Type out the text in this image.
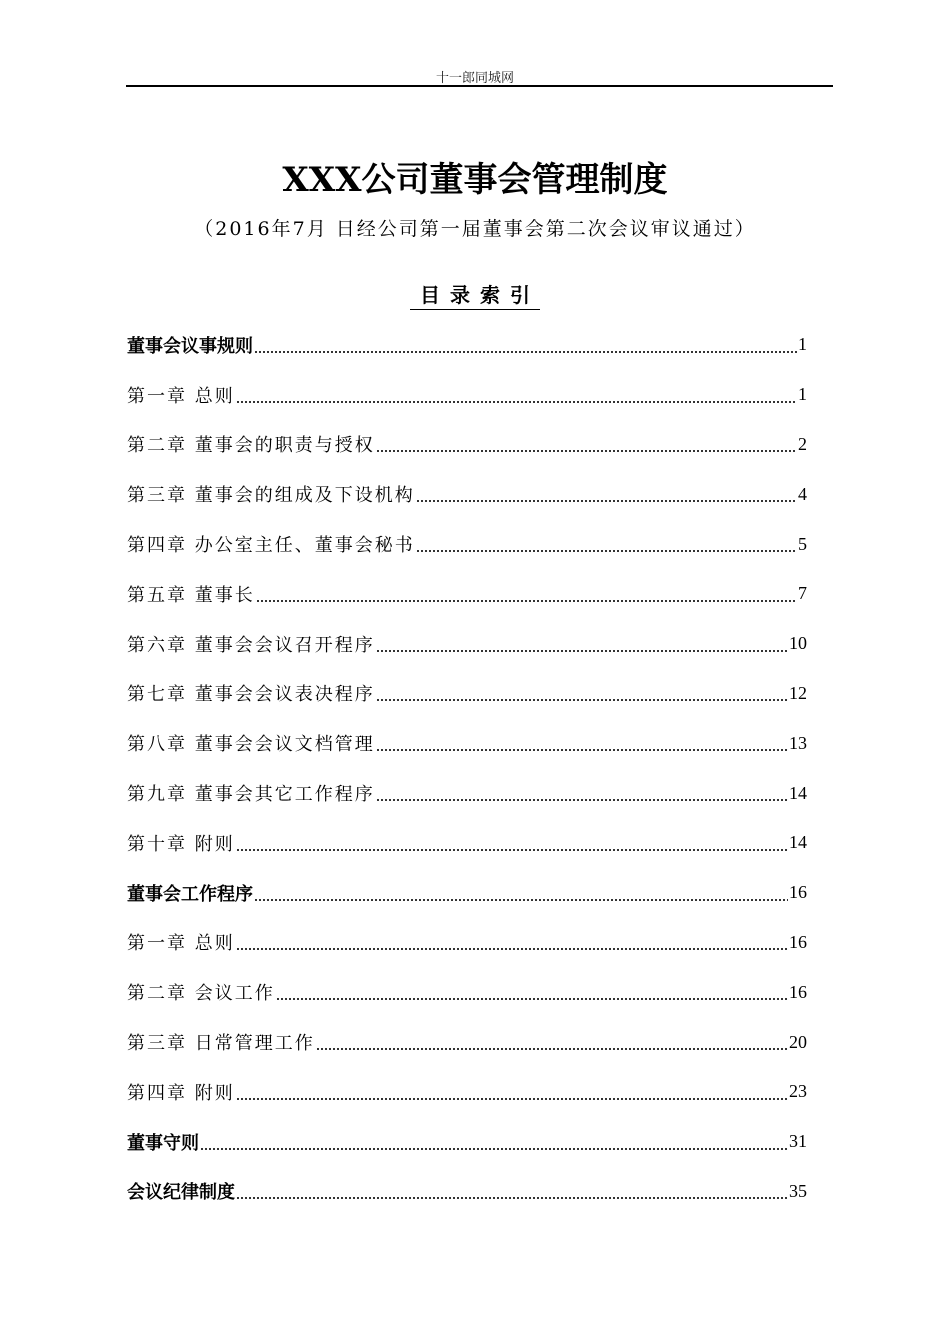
十一郎同城网
XXX公司董事会管理制度
（2016年7月 日经公司第一届董事会第二次会议审议通过）
目录索引
董事会议事规则	1
第一章 总则	1
第二章 董事会的职责与授权	2
第三章 董事会的组成及下设机构	4
第四章 办公室主任、董事会秘书	5
第五章 董事长	7
第六章 董事会会议召开程序	10
第七章 董事会会议表决程序	12
第八章 董事会会议文档管理	13
第九章 董事会其它工作程序	14
第十章 附则	14
董事会工作程序	16
第一章 总则	16
第二章 会议工作	16
第三章 日常管理工作	20
第四章 附则	23
董事守则	31
会议纪律制度	35
